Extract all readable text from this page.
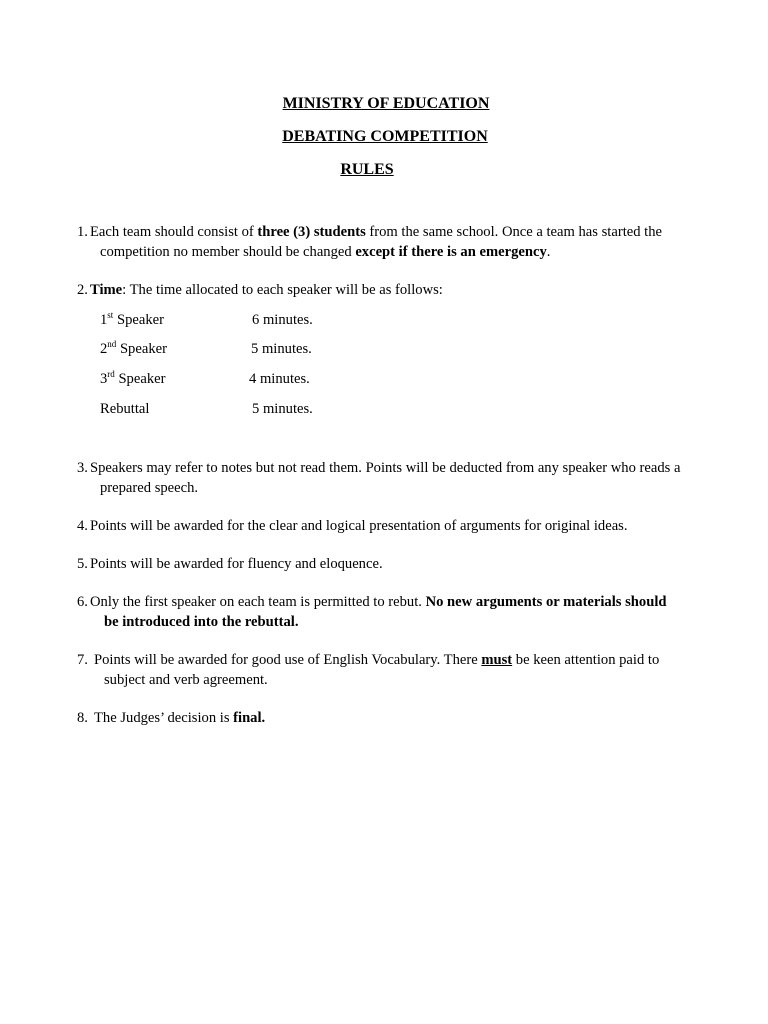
MINISTRY OF EDUCATION
DEBATING COMPETITION
RULES
1. Each team should consist of three (3) students from the same school. Once a team has started the
competition no member should be changed except if there is an emergency.
2. Time: The time allocated to each speaker will be as follows:
1st Speaker	6 minutes.
2nd Speaker	5 minutes.
3rd Speaker	4 minutes.
Rebuttal	5 minutes.
3. Speakers may refer to notes but not read them. Points will be deducted from any speaker who reads a
prepared speech.
4. Points will be awarded for the clear and logical presentation of arguments for original ideas.
5. Points will be awarded for fluency and eloquence.
6. Only the first speaker on each team is permitted to rebut. No new arguments or materials should
be introduced into the rebuttal.
7. Points will be awarded for good use of English Vocabulary. There must be keen attention paid to
subject and verb agreement.
8. The Judges’ decision is final.
